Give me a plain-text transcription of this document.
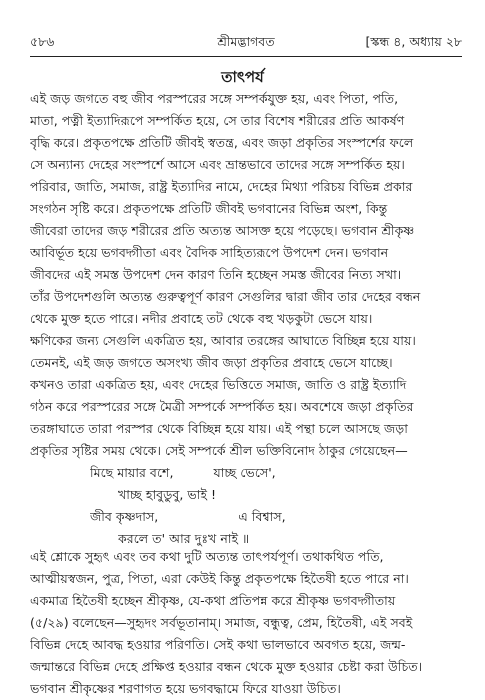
৫৮৬	শ্রীমদ্ভাগবত	[স্কন্ধ ৪, অধ্যায় ২৮
তাৎপর্য
এই জড় জগতে বহু জীব পরস্পরের সঙ্গে সম্পর্কযুক্ত হয়, এবং পিতা, পতি,
মাতা, পত্নী ইত্যাদিরূপে সম্পর্কিত হয়ে, সে তার বিশেষ শরীরের প্রতি আকর্ষণ
বৃদ্ধি করে। প্রকৃতপক্ষে প্রতিটি জীবই স্বতন্ত্র, এবং জড়া প্রকৃতির সংস্পর্শের ফলে
সে অন্যান্য দেহের সংস্পর্শে আসে এবং ভ্রান্তভাবে তাদের সঙ্গে সম্পর্কিত হয়।
পরিবার, জাতি, সমাজ, রাষ্ট্র ইত্যাদির নামে, দেহের মিথ্যা পরিচয় বিভিন্ন প্রকার
সংগঠন সৃষ্টি করে। প্রকৃতপক্ষে প্রতিটি জীবই ভগবানের বিভিন্ন অংশ, কিন্তু
জীবেরা তাদের জড় শরীরের প্রতি অত্যন্ত আসক্ত হয়ে পড়েছে। ভগবান শ্রীকৃষ্ণ
আবির্ভূত হয়ে ভগবদ্গীতা এবং বৈদিক সাহিত্যরূপে উপদেশ দেন। ভগবান
জীবদের এই সমস্ত উপদেশ দেন কারণ তিনি হচ্ছেন সমস্ত জীবের নিত্য সখা।
তাঁর উপদেশগুলি অত্যন্ত গুরুত্বপূর্ণ কারণ সেগুলির দ্বারা জীব তার দেহের বন্ধন
থেকে মুক্ত হতে পারে। নদীর প্রবাহে তট থেকে বহু খড়কুটা ভেসে যায়।
ক্ষণিকের জন্য সেগুলি একত্রিত হয়, আবার তরঙ্গের আঘাতে বিচ্ছিন্ন হয়ে যায়।
তেমনই, এই জড় জগতে অসংখ্য জীব জড়া প্রকৃতির প্রবাহে ভেসে যাচ্ছে।
কখনও তারা একত্রিত হয়, এবং দেহের ভিত্তিতে সমাজ, জাতি ও রাষ্ট্র ইত্যাদি
গঠন করে পরস্পরের সঙ্গে মৈত্রী সম্পর্কে সম্পর্কিত হয়। অবশেষে জড়া প্রকৃতির
তরঙ্গাঘাতে তারা পরস্পর থেকে বিচ্ছিন্ন হয়ে যায়। এই পন্থা চলে আসছে জড়া
প্রকৃতির সৃষ্টির সময় থেকে। সেই সম্পর্কে শ্রীল ভক্তিবিনোদ ঠাকুর গেয়েছেন—
মিছে মায়ার বশে,          যাচ্ছ ভেসে',
খাচ্ছ হাবুডুবু, ভাই !
জীব কৃষ্ণদাস,                    এ বিশ্বাস,
করলে ত' আর দুঃখ নাই ॥
এই শ্লোকে সুহৃৎ এবং তব কথা দুটি অত্যন্ত তাৎপর্যপূর্ণ। তথাকথিত পতি,
আত্মীয়স্বজন, পুত্র, পিতা, এরা কেউই কিন্তু প্রকৃতপক্ষে হিতৈষী হতে পারে না।
একমাত্র হিতৈষী হচ্ছেন শ্রীকৃষ্ণ, যে-কথা প্রতিপন্ন করে শ্রীকৃষ্ণ ভগবদ্গীতায়
(৫/২৯) বলেছেন—সুহৃদং সর্বভূতানাম্। সমাজ, বন্ধুত্ব, প্রেম, হিতৈষী, এই সবই
বিভিন্ন দেহে আবদ্ধ হওয়ার পরিণতি। সেই কথা ভালভাবে অবগত হয়ে, জন্ম-
জন্মান্তরে বিভিন্ন দেহে প্রক্ষিপ্ত হওয়ার বন্ধন থেকে মুক্ত হওয়ার চেষ্টা করা উচিত।
ভগবান শ্রীকৃষ্ণের শরণাগত হয়ে ভগবদ্ধামে ফিরে যাওয়া উচিত।
